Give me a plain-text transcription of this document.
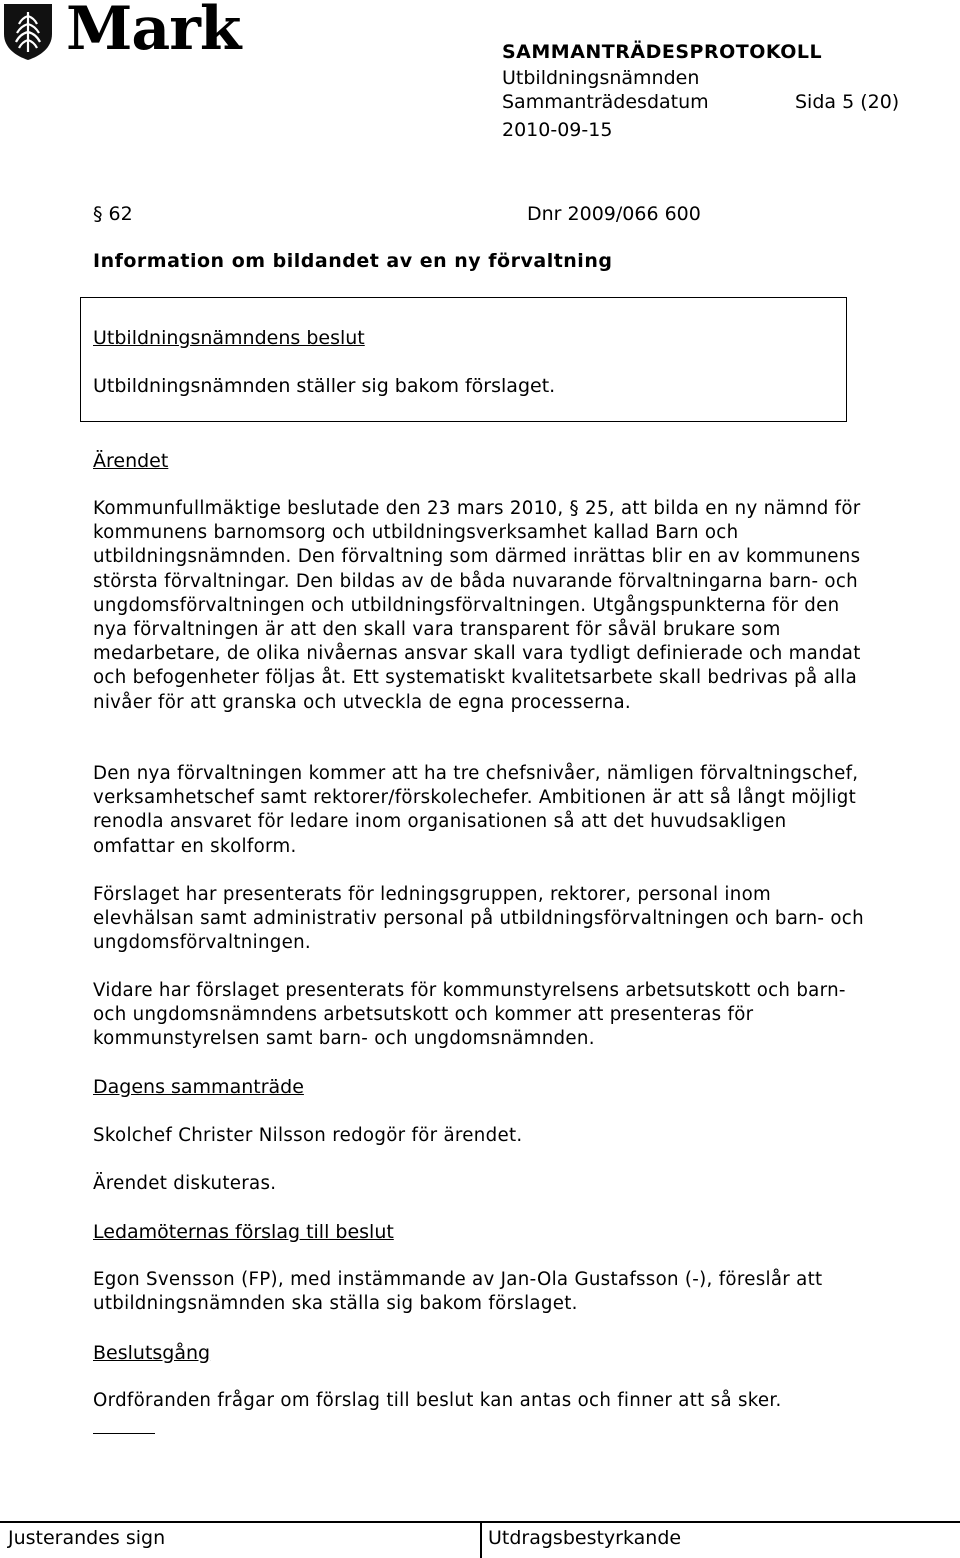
Mark	SAMMANTRÄDESPROTOKOLL
Utbildningsnämnden
Sammanträdesdatum	Sida 5 (20)
2010-09-15
§ 62	Dnr 2009/066 600
Information om bildandet av en ny förvaltning
Utbildningsnämndens beslut
Utbildningsnämnden ställer sig bakom förslaget.
Ärendet

Kommunfullmäktige beslutade den 23 mars 2010, § 25, att bilda en ny nämnd för kommunens barnomsorg och utbildningsverksamhet kallad Barn och utbildningsnämnden. Den förvaltning som därmed inrättas blir en av kommunens största förvaltningar. Den bildas av de båda nuvarande förvaltningarna barn- och ungdomsförvaltningen och utbildningsförvaltningen. Utgångspunkterna för den nya förvaltningen är att den skall vara transparent för såväl brukare som medarbetare, de olika nivåernas ansvar skall vara tydligt definierade och mandat och befogenheter följas åt. Ett systematiskt kvalitetsarbete skall bedrivas på alla nivåer för att granska och utveckla de egna processerna.

Den nya förvaltningen kommer att ha tre chefsnivåer, nämligen förvaltningschef, verksamhetschef samt rektorer/förskolechefer. Ambitionen är att så långt möjligt renodla ansvaret för ledare inom organisationen så att det huvudsakligen omfattar en skolform.

Förslaget har presenterats för ledningsgruppen, rektorer, personal inom elevhälsan samt administrativ personal på utbildningsförvaltningen och barn- och ungdomsförvaltningen.

Vidare har förslaget presenterats för kommunstyrelsens arbetsutskott och barn- och ungdomsnämndens arbetsutskott och kommer att presenteras för kommunstyrelsen samt barn- och ungdomsnämnden.

Dagens sammanträde

Skolchef Christer Nilsson redogör för ärendet.

Ärendet diskuteras.

Ledamöternas förslag till beslut

Egon Svensson (FP), med instämmande av Jan-Ola Gustafsson (-), föreslår att utbildningsnämnden ska ställa sig bakom förslaget.

Beslutsgång

Ordföranden frågar om förslag till beslut kan antas och finner att så sker.

Justerandes sign	Utdragsbestyrkande
